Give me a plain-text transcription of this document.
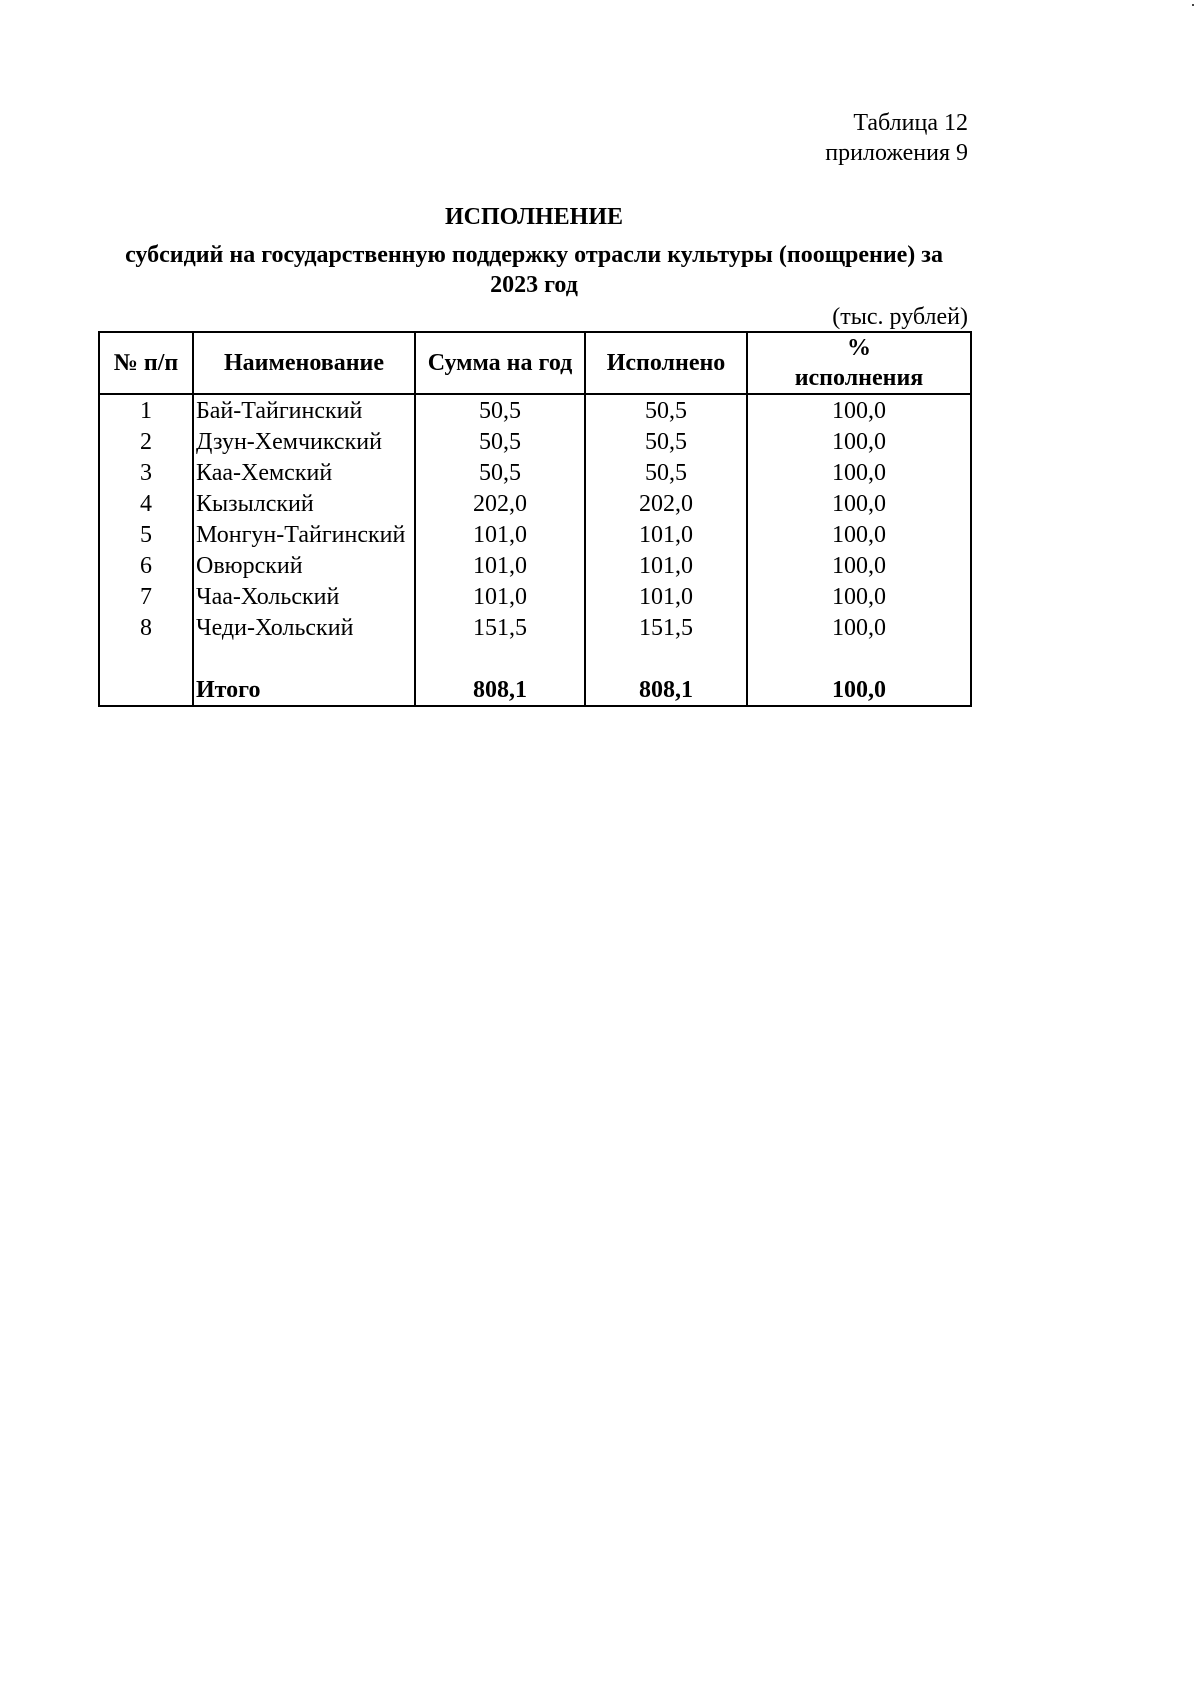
Таблица 12
приложения 9
ИСПОЛНЕНИЕ
субсидий на государственную поддержку отрасли культуры (поощрение) за
2023 год
(тыс. рублей)
№ п/п	Наименование	Сумма на год	Исполнено	%
исполнения

1	Бай-Тайгинский	50,5	50,5	100,0
2	Дзун-Хемчикский	50,5	50,5	100,0
3	Каа-Хемский	50,5	50,5	100,0
4	Кызылский	202,0	202,0	100,0
5	Монгун-Тайгинский	101,0	101,0	100,0
6	Овюрский	101,0	101,0	100,0
7	Чаа-Хольский	101,0	101,0	100,0
8	Чеди-Хольский	151,5	151,5	100,0

	Итого	808,1	808,1	100,0
